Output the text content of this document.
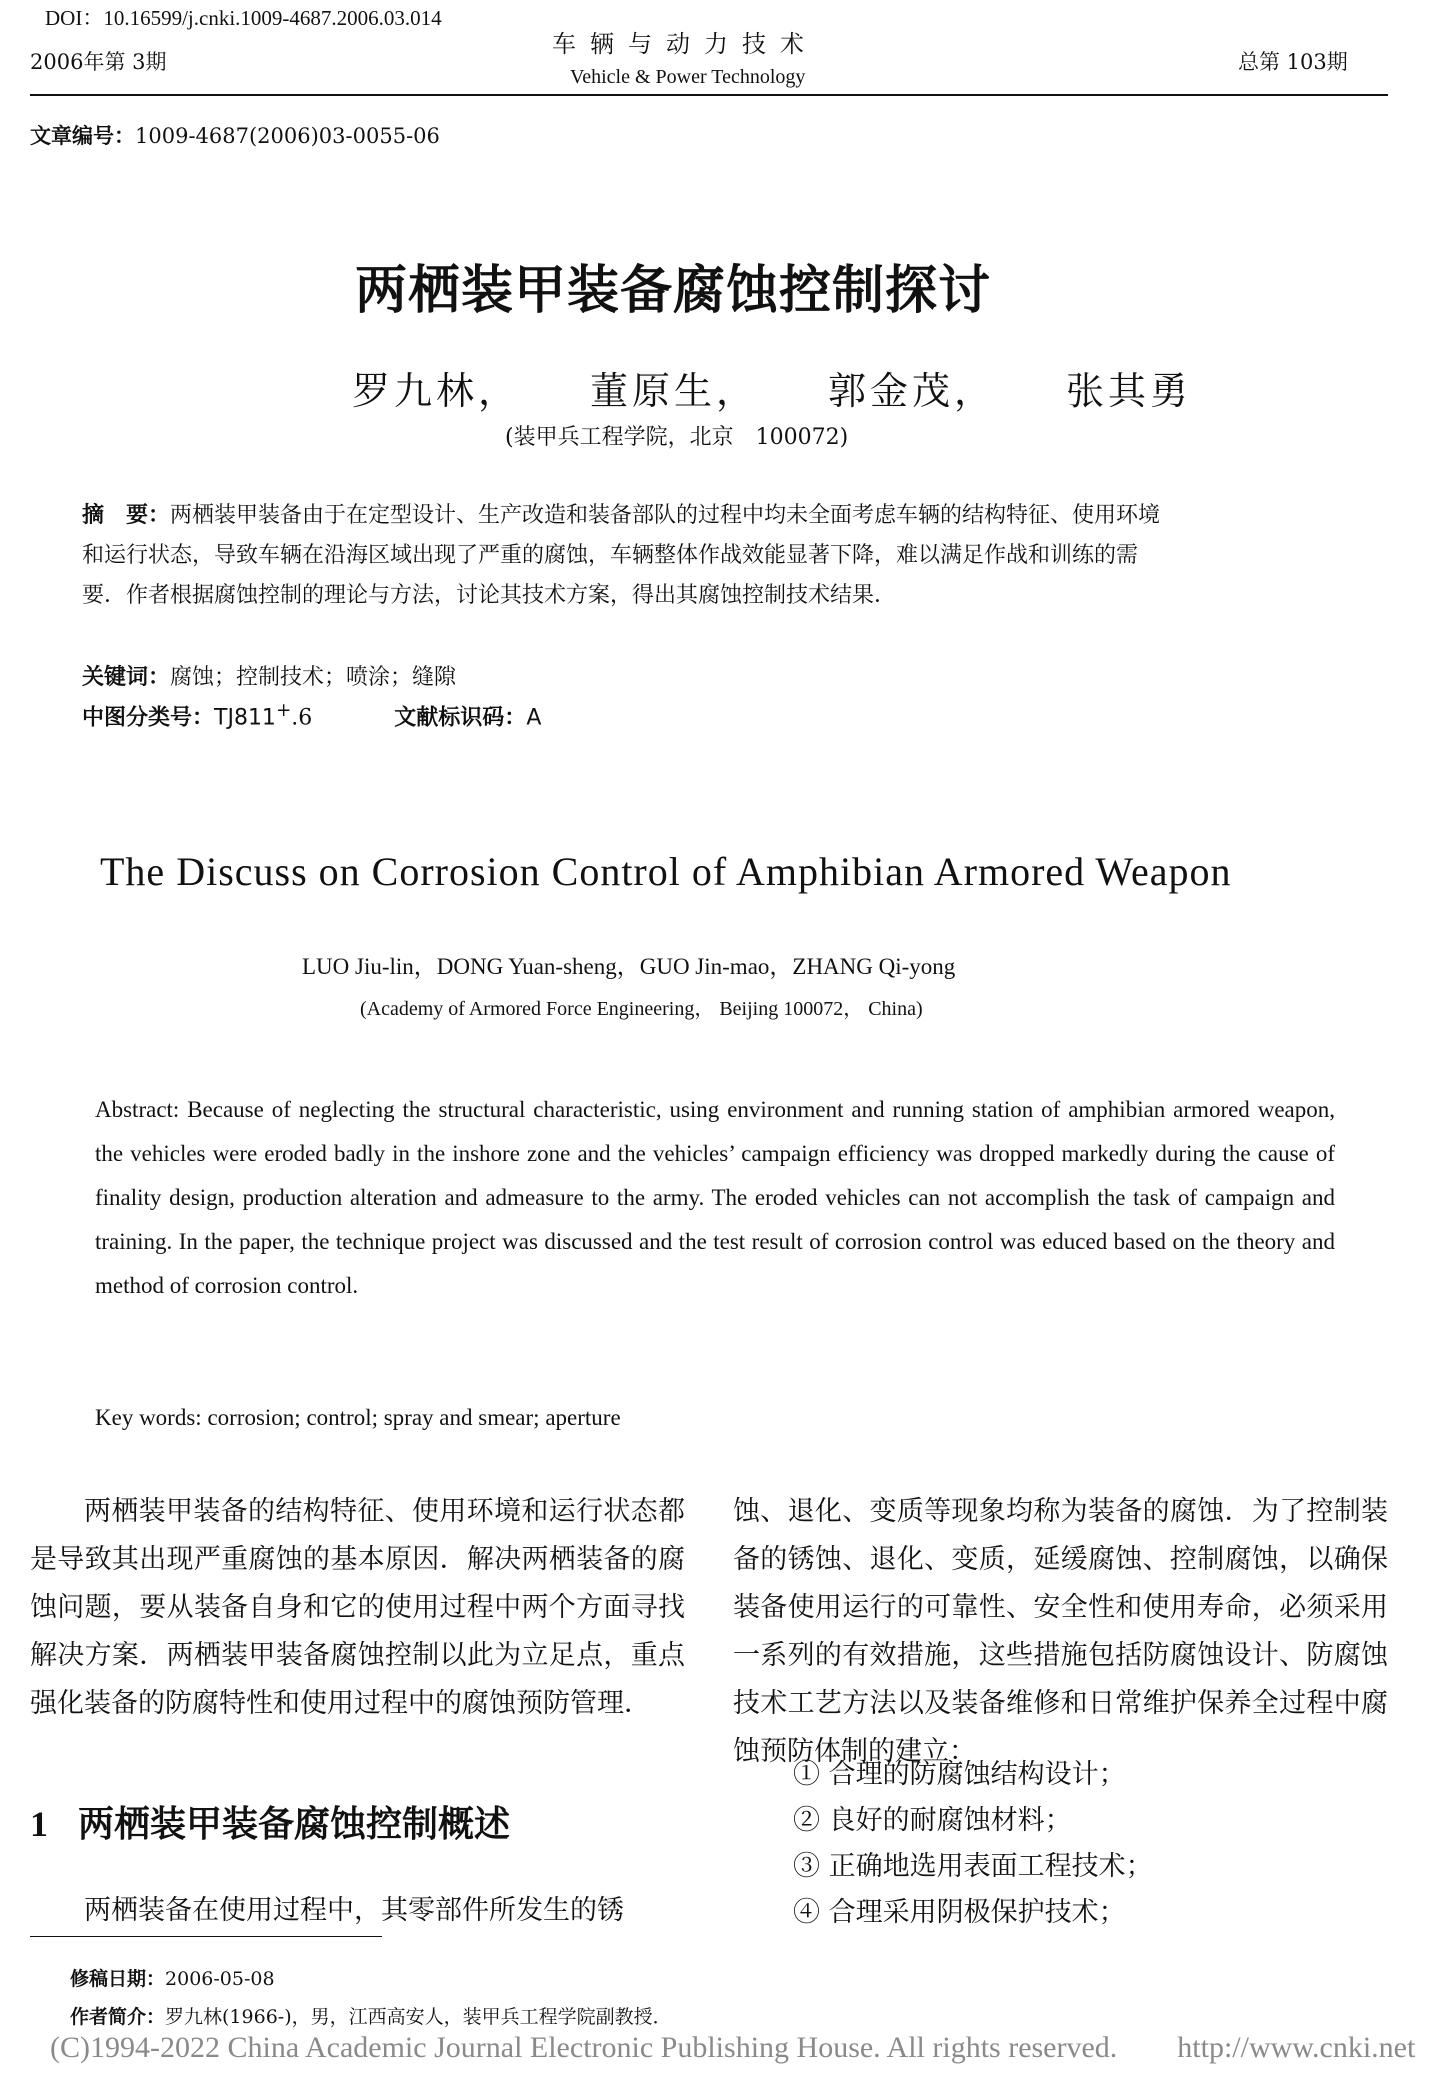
DOI：10.16599/j.cnki.1009-4687.2006.03.014
2006年第 3期
车辆与动力技术
Vehicle & Power Technology
总第 103期
文章编号：1009-4687(2006)03-0055-06
两栖装甲装备腐蚀控制探讨
罗九林， 董原生， 郭金茂， 张其勇
(装甲兵工程学院，北京　100072)
摘　要：两栖装甲装备由于在定型设计、生产改造和装备部队的过程中均未全面考虑车辆的结构特征、使用环境
和运行状态，导致车辆在沿海区域出现了严重的腐蚀，车辆整体作战效能显著下降，难以满足作战和训练的需
要．作者根据腐蚀控制的理论与方法，讨论其技术方案，得出其腐蚀控制技术结果．
关键词：腐蚀；控制技术；喷涂；缝隙
中图分类号：TJ811+.6	文献标识码：A
The Discuss on Corrosion Control of Amphibian Armored Weapon
LUO Jiu-lin，DONG Yuan-sheng，GUO Jin-mao，ZHANG Qi-yong
(Academy of Armored Force Engineering， Beijing 100072， China)
Abstract: Because of neglecting the structural characteristic, using environment and running station of amphibian armored weapon, the vehicles were eroded badly in the inshore zone and the vehicles’ campaign efficiency was dropped markedly during the cause of finality design, production alteration and admeasure to the army. The eroded vehicles can not accomplish the task of campaign and training. In the paper, the technique project was discussed and the test result of corrosion control was educed based on the theory and method of corrosion control.
Key words: corrosion; control; spray and smear; aperture
两栖装甲装备的结构特征、使用环境和运行状态都是导致其出现严重腐蚀的基本原因．解决两栖装备的腐蚀问题，要从装备自身和它的使用过程中两个方面寻找解决方案．两栖装甲装备腐蚀控制以此为立足点，重点强化装备的防腐特性和使用过程中的腐蚀预防管理．
1 两栖装甲装备腐蚀控制概述
两栖装备在使用过程中，其零部件所发生的锈
蚀、退化、变质等现象均称为装备的腐蚀．为了控制装备的锈蚀、退化、变质，延缓腐蚀、控制腐蚀，以确保装备使用运行的可靠性、安全性和使用寿命，必须采用一系列的有效措施，这些措施包括防腐蚀设计、防腐蚀技术工艺方法以及装备维修和日常维护保养全过程中腐蚀预防体制的建立：
① 合理的防腐蚀结构设计；
② 良好的耐腐蚀材料；
③ 正确地选用表面工程技术；
④ 合理采用阴极保护技术；
修稿日期：2006-05-08
作者简介：罗九林(1966-)，男，江西高安人，装甲兵工程学院副教授．
(C)1994-2022 China Academic Journal Electronic Publishing House. All rights reserved.　　http://www.cnki.net
